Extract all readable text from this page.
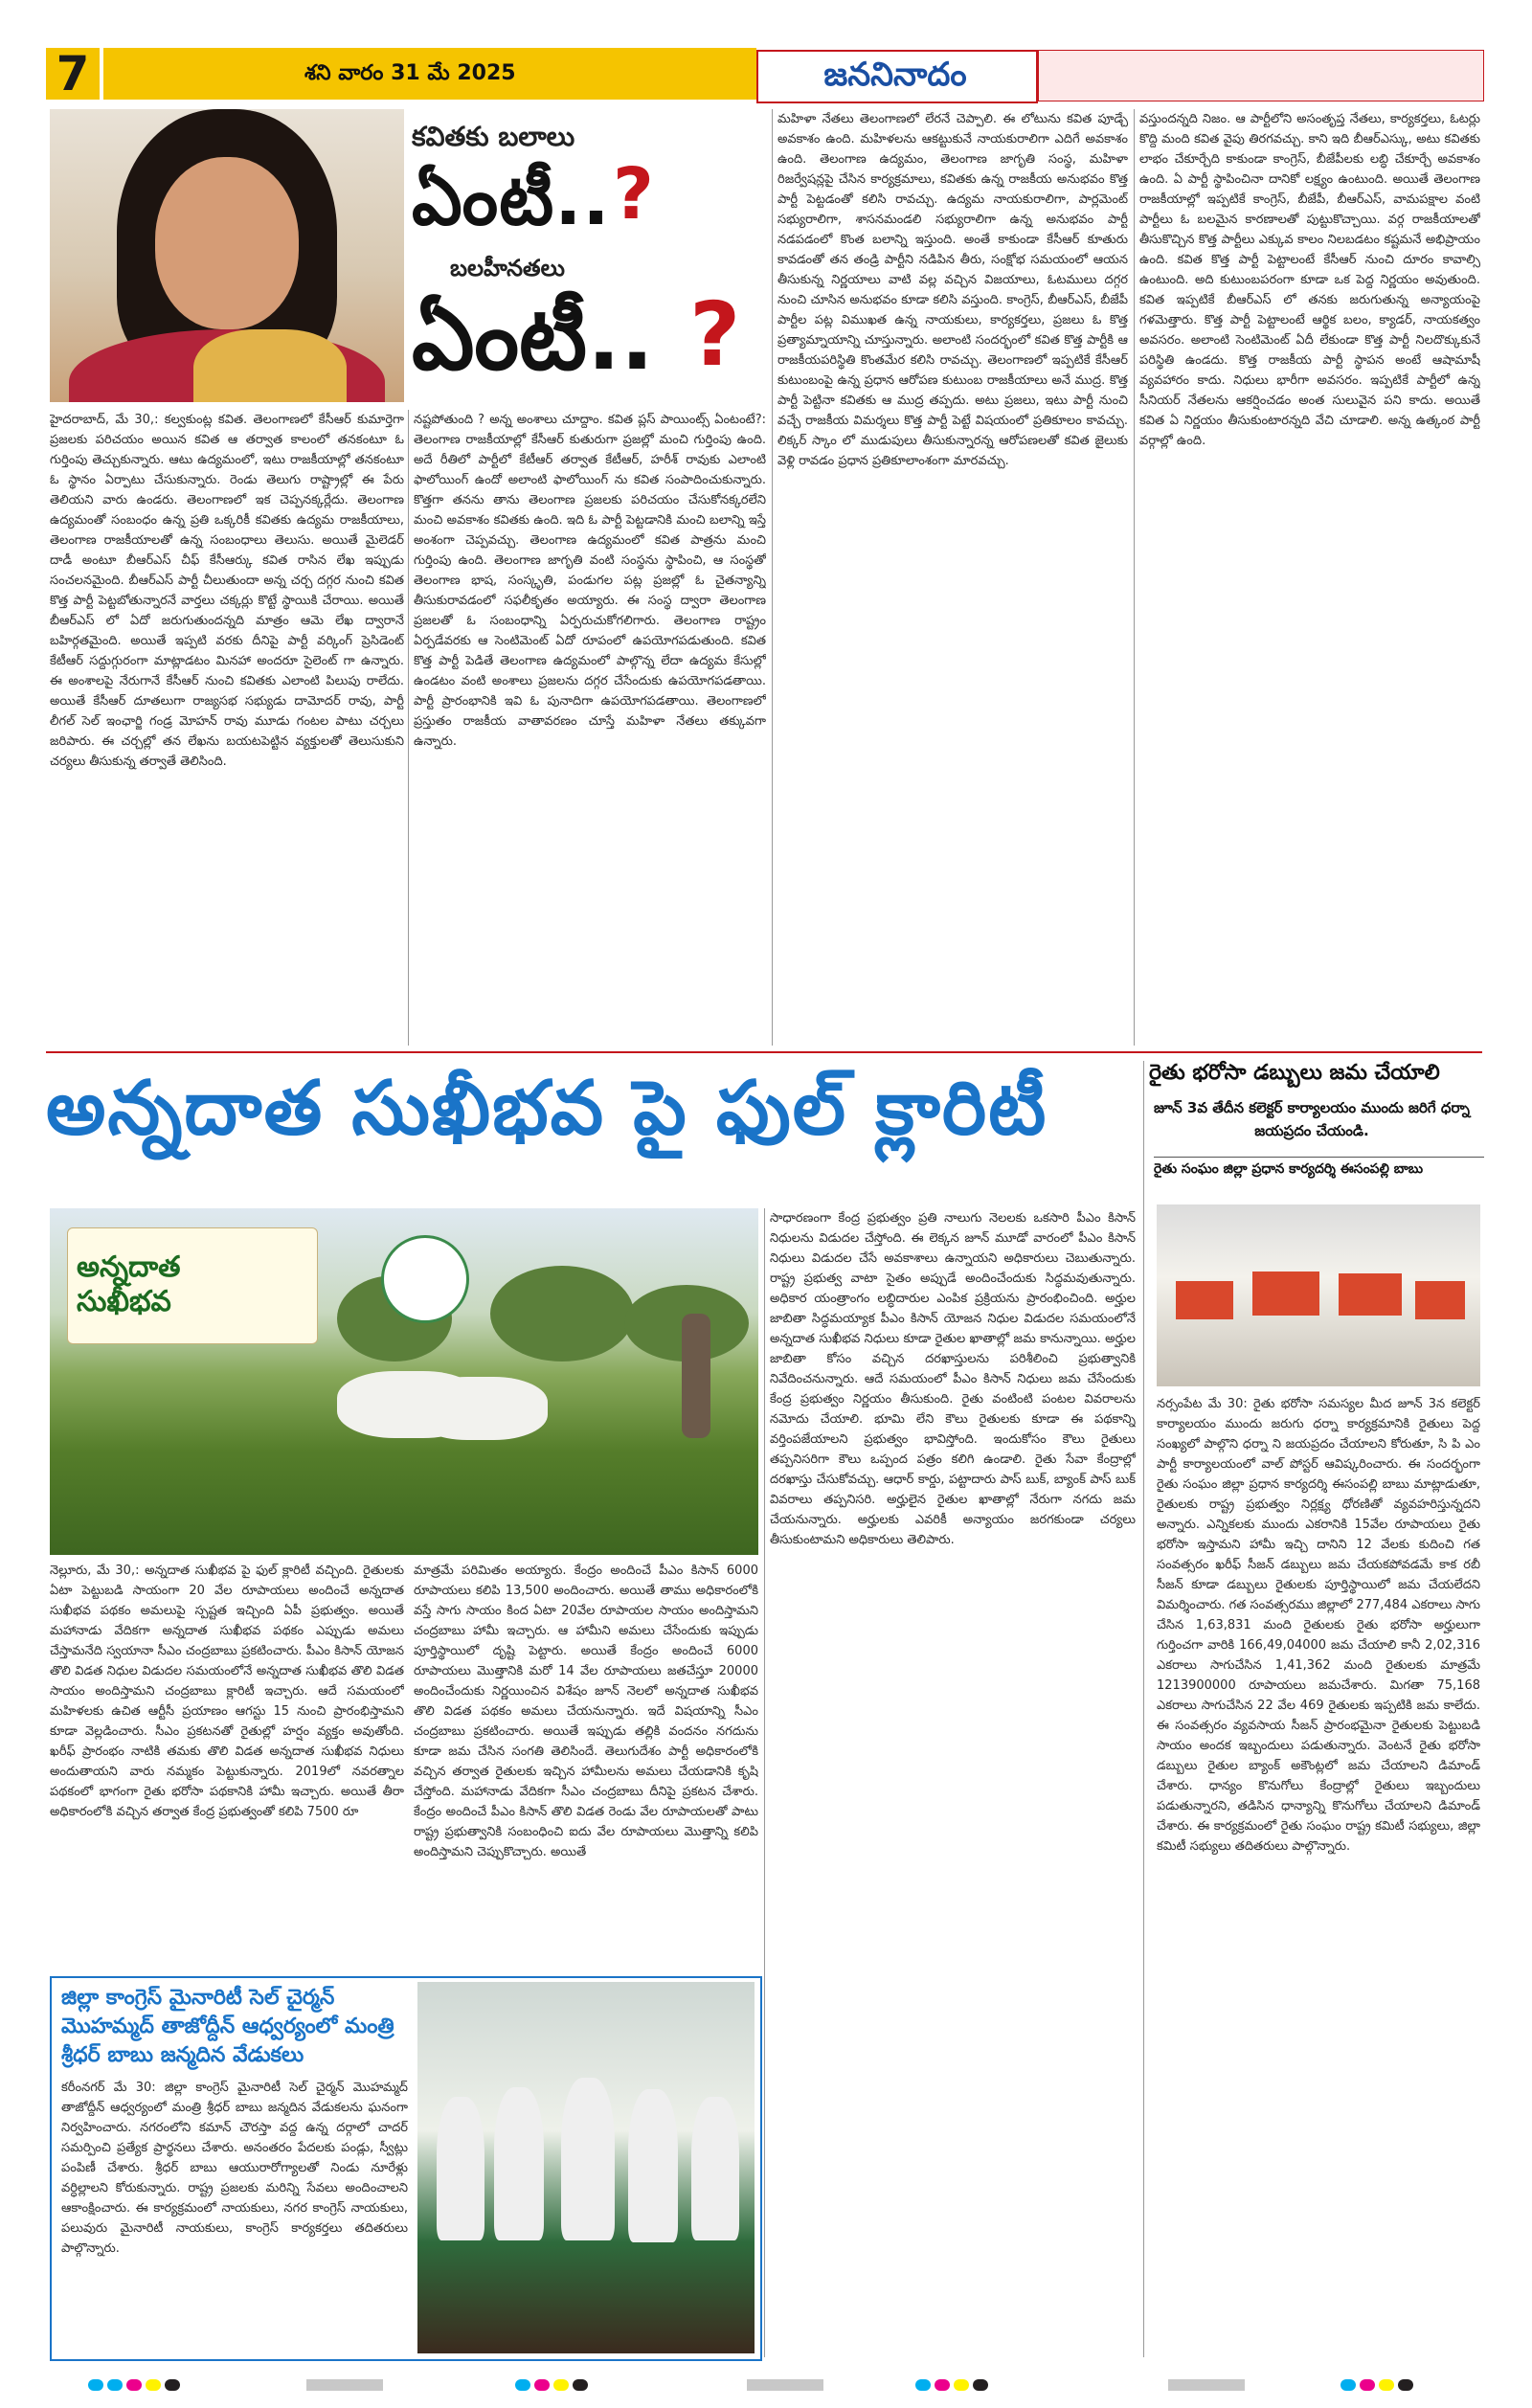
7	శని వారం 31 మే 2025	జననినాదం
కవితకు బలాలు
ఏంటీ.. ?
బలహీనతలు
ఏంటీ.. ?
హైదరాబాద్, మే 30,: కల్వకుంట్ల కవిత. తెలంగాణలో కేసీఆర్ కుమార్తెగా ప్రజలకు పరిచయం అయిన కవిత ఆ తర్వాత కాలంలో తనకంటూ ఓ గుర్తింపు తెచ్చుకున్నారు. ఆటు ఉద్యమంలో, ఇటు రాజకీయాల్లో తనకంటూ ఓ స్థానం ఏర్పాటు చేసుకున్నారు. రెండు తెలుగు రాష్ట్రాల్లో ఈ పేరు తెలియని వారు ఉండరు. తెలంగాణలో ఇక చెప్పనక్కర్లేదు. తెలంగాణ ఉద్యమంతో సంబంధం ఉన్న ప్రతి ఒక్కరికీ కవితకు ఉద్యమ రాజకీయాలు, తెలంగాణ రాజకీయాలతో ఉన్న సంబంధాలు తెలుసు. అయితే మైలెడర్ దాడీ అంటూ బీఆర్ఎస్ చీఫ్ కేసీఆర్కు కవిత రాసిన లేఖ ఇప్పుడు సంచలనమైంది. బీఆర్ఎస్ పార్టీ చీలుతుందా అన్న చర్చ దగ్గర నుంచి కవిత కొత్త పార్టీ పెట్టబోతున్నారనే వార్తలు చక్కర్లు కొట్టే స్థాయికి చేరాయి. అయితే బీఆర్ఎస్ లో ఏదో జరుగుతుందన్నది మాత్రం ఆమె లేఖ ద్వారానే బహిర్గతమైంది. అయితే ఇప్పటి వరకు దీనిపై పార్టీ వర్కింగ్ ప్రెసిడెంట్ కేటీఆర్ సద్దుగ్గురంగా మాట్లాడటం మినహా అందరూ సైలెంట్ గా ఉన్నారు. ఈ అంశాలపై నేరుగానే కేసీఆర్ నుంచి కవితకు ఎలాంటి పిలుపు రాలేదు. అయితే కేసీఆర్ దూతలుగా రాజ్యసభ సభ్యుడు దామోదర్ రావు, పార్టీ లీగల్ సెల్ ఇంఛార్జి గండ్ర మోహన్ రావు మూడు గంటల పాటు చర్చలు జరిపారు. ఈ చర్చల్లో తన లేఖను బయటపెట్టిన వ్యక్తులతో తెలుసుకుని చర్యలు తీసుకున్న తర్వాతే తెలిసింది.
నష్టపోతుంది ? అన్న అంశాలు చూద్దాం. కవిత ప్లస్ పాయింట్స్ ఏంటంటే?: తెలంగాణ రాజకీయాల్లో కేసీఆర్ కుతురుగా ప్రజల్లో మంచి గుర్తింపు ఉంది. అదే రీతిలో పార్టీలో కేటీఆర్ తర్వాత కేటీఆర్, హరీశ్ రావుకు ఎలాంటి ఫాలోయింగ్ ఉందో అలాంటి ఫాలోయింగ్ ను కవిత సంపాదించుకున్నారు. కొత్తగా తనను తాను తెలంగాణ ప్రజలకు పరిచయం చేసుకోనక్కరలేని మంచి అవకాశం కవితకు ఉంది. ఇది ఓ పార్టీ పెట్టడానికి మంచి బలాన్ని ఇస్తే అంశంగా చెప్పవచ్చు. తెలంగాణ ఉద్యమంలో కవిత పాత్రను మంచి గుర్తింపు ఉంది. తెలంగాణ జాగృతి వంటి సంస్థను స్థాపించి, ఆ సంస్థతో తెలంగాణ భాష, సంస్కృతి, పండుగల పట్ల ప్రజల్లో ఓ చైతన్యాన్ని తీసుకురావడంలో సఫలీకృతం అయ్యారు. ఈ సంస్థ ద్వారా తెలంగాణ ప్రజలతో ఓ సంబంధాన్ని ఏర్పరుచుకోగలిగారు. తెలంగాణ రాష్ట్రం ఏర్పడేవరకు ఆ సెంటిమెంట్ ఏదో రూపంలో ఉపయోగపడుతుంది. కవిత కొత్త పార్టీ పెడితే తెలంగాణ ఉద్యమంలో పాల్గొన్న లేదా ఉద్యమ కేసుల్లో ఉండటం వంటి అంశాలు ప్రజలను దగ్గర చేసేందుకు ఉపయోగపడతాయి. పార్టీ ప్రారంభానికి ఇవి ఓ పునాదిగా ఉపయోగపడతాయి. తెలంగాణలో ప్రస్తుతం రాజకీయ వాతావరణం చూస్తే మహిళా నేతలు తక్కువగా ఉన్నారు.
మహిళా నేతలు తెలంగాణలో లేరనే చెప్పాలి. ఈ లోటును కవిత పూడ్చే అవకాశం ఉంది. మహిళలను ఆకట్టుకునే నాయకురాలిగా ఎదిగే అవకాశం ఉంది. తెలంగాణ ఉద్యమం, తెలంగాణ జాగృతి సంస్థ, మహిళా రిజర్వేషన్లపై చేసిన కార్యక్రమాలు, కవితకు ఉన్న రాజకీయ అనుభవం కొత్త పార్టీ పెట్టడంతో కలిసి రావచ్చు. ఉద్యమ నాయకురాలిగా, పార్లమెంట్ సభ్యురాలిగా, శాసనమండలి సభ్యురాలిగా ఉన్న అనుభవం పార్టీ నడపడంలో కొంత బలాన్ని ఇస్తుంది. అంతే కాకుండా కేసీఆర్ కూతురు కావడంతో తన తండ్రి పార్టీని నడిపిన తీరు, సంక్షోభ సమయంలో ఆయన తీసుకున్న నిర్ణయాలు వాటి వల్ల వచ్చిన విజయాలు, ఓటములు దగ్గర నుంచి చూసిన అనుభవం కూడా కలిసి వస్తుంది. కాంగ్రెస్, బీఆర్ఎస్, బీజేపీ పార్టీల పట్ల విముఖత ఉన్న నాయకులు, కార్యకర్తలు, ప్రజలు ఓ కొత్త ప్రత్యామ్నాయాన్ని చూస్తున్నారు. అలాంటి సందర్భంలో కవిత కొత్త పార్టీకి ఆ రాజకీయపరిస్థితి కొంతమేర కలిసి రావచ్చు. తెలంగాణలో ఇప్పటికే కేసీఆర్ కుటుంబంపై ఉన్న ప్రధాన ఆరోపణ కుటుంబ రాజకీయాలు అనే ముద్ర. కొత్త పార్టీ పెట్టినా కవితకు ఆ ముద్ర తప్పదు. అటు ప్రజలు, ఇటు పార్టీ నుంచి వచ్చే రాజకీయ విమర్శలు కొత్త పార్టీ పెట్టే విషయంలో ప్రతికూలం కావచ్చు. లిక్కర్ స్కాం లో ముడుపులు తీసుకున్నారన్న ఆరోపణలతో కవిత జైలుకు వెళ్లి రావడం ప్రధాన ప్రతికూలాంశంగా మారవచ్చు.
వస్తుందన్నది నిజం. ఆ పార్టీలోని అసంతృప్త నేతలు, కార్యకర్తలు, ఓటర్లు కొద్ది మంది కవిత వైపు తిరగవచ్చు. కాని ఇది బీఆర్ఎస్కు, అటు కవితకు లాభం చేకూర్చేది కాకుండా కాంగ్రెస్, బీజేపీలకు లబ్ధి చేకూర్చే అవకాశం ఉంది. ఏ పార్టీ స్థాపించినా దానికో లక్ష్యం ఉంటుంది. అయితే తెలంగాణ రాజకీయాల్లో ఇప్పటికే కాంగ్రెస్, బీజేపీ, బీఆర్ఎస్, వామపక్షాల వంటి పార్టీలు ఓ బలమైన కారణాలతో పుట్టుకొచ్చాయి. వర్గ రాజకీయాలతో తీసుకొచ్చిన కొత్త పార్టీలు ఎక్కువ కాలం నిలబడటం కష్టమనే అభిప్రాయం ఉంది. కవిత కొత్త పార్టీ పెట్టాలంటే కేసీఆర్ నుంచి దూరం కావాల్సి ఉంటుంది. అది కుటుంబపరంగా కూడా ఒక పెద్ద నిర్ణయం అవుతుంది. కవిత ఇప్పటికే బీఆర్ఎస్ లో తనకు జరుగుతున్న అన్యాయంపై గళమెత్తారు. కొత్త పార్టీ పెట్టాలంటే ఆర్థిక బలం, క్యాడర్, నాయకత్వం అవసరం. అలాంటి సెంటిమెంట్ ఏదీ లేకుండా కొత్త పార్టీ నిలదొక్కుకునే పరిస్థితి ఉండదు. కొత్త రాజకీయ పార్టీ స్థాపన అంటే ఆషామాషీ వ్యవహారం కాదు. నిధులు భారీగా అవసరం. ఇప్పటికే పార్టీలో ఉన్న సీనియర్ నేతలను ఆకర్షించడం అంత సులువైన పని కాదు. అయితే కవిత ఏ నిర్ణయం తీసుకుంటారన్నది వేచి చూడాలి. అన్న ఉత్కంఠ పార్టీ వర్గాల్లో ఉంది.
అన్నదాత సుఖీభవ పై ఫుల్ క్లారిటీ
అన్నదాత
సుఖీభవ
నెల్లూరు, మే 30,: అన్నదాత సుఖీభవ పై ఫుల్ క్లారిటీ వచ్చింది. రైతులకు ఏటా పెట్టుబడి సాయంగా 20 వేల రూపాయలు అందించే అన్నదాత సుఖీభవ పథకం అమలుపై స్పష్టత ఇచ్చింది ఏపీ ప్రభుత్వం. అయితే మహానాడు వేదికగా అన్నదాత సుఖీభవ పథకం ఎప్పుడు అమలు చేస్తామనేది స్వయానా సీఎం చంద్రబాబు ప్రకటించారు. పీఎం కిసాన్ యోజన తొలి విడత నిధుల విడుదల సమయంలోనే అన్నదాత సుఖీభవ తొలి విడత సాయం అందిస్తామని చంద్రబాబు క్లారిటీ ఇచ్చారు. ఆదే సమయంలో మహిళలకు ఉచిత ఆర్టీసీ ప్రయాణం ఆగస్టు 15 నుంచి ప్రారంభిస్తామని కూడా వెల్లడించారు. సీఎం ప్రకటనతో రైతుల్లో హర్షం వ్యక్తం అవుతోంది. ఖరీఫ్ ప్రారంభం నాటికి తమకు తొలి విడత అన్నదాత సుఖీభవ నిధులు అందుతాయని వారు నమ్మకం పెట్టుకున్నారు. 2019లో నవరత్నాల పథకంలో భాగంగా రైతు భరోసా పథకానికి హామీ ఇచ్చారు. అయితే తీరా అధికారంలోకి వచ్చిన తర్వాత కేంద్ర ప్రభుత్వంతో కలిపి 7500 రూ
మాత్రమే పరిమితం అయ్యారు. కేంద్రం అందించే పీఎం కిసాన్ 6000 రూపాయలు కలిపి 13,500 అందించారు. అయితే తాము అధికారంలోకి వస్తే సాగు సాయం కింద ఏటా 20వేల రూపాయల సాయం అందిస్తామని చంద్రబాబు హామీ ఇచ్చారు. ఆ హామీని అమలు చేసేందుకు ఇప్పుడు పూర్తిస్థాయిలో దృష్టి పెట్టారు. అయితే కేంద్రం అందించే 6000 రూపాయలు మొత్తానికి మరో 14 వేల రూపాయలు జతచేస్తూ 20000 అందించేందుకు నిర్ణయించిన విశేషం జూన్ నెలలో అన్నదాత సుఖీభవ తొలి విడత పథకం అమలు చేయనున్నారు. ఇదే విషయాన్ని సీఎం చంద్రబాబు ప్రకటించారు. అయితే ఇప్పుడు తల్లికి వందనం నగదును కూడా జమ చేసిన సంగతి తెలిసిందే. తెలుగుదేశం పార్టీ అధికారంలోకి వచ్చిన తర్వాత రైతులకు ఇచ్చిన హామీలను అమలు చేయడానికి కృషి చేస్తోంది. మహానాడు వేదికగా సీఎం చంద్రబాబు దీనిపై ప్రకటన చేశారు. కేంద్రం అందించే పీఎం కిసాన్ తొలి విడత రెండు వేల రూపాయలతో పాటు రాష్ట్ర ప్రభుత్వానికి సంబంధించి ఐదు వేల రూపాయలు మొత్తాన్ని కలిపి అందిస్తామని చెప్పుకొచ్చారు. అయితే
సాధారణంగా కేంద్ర ప్రభుత్వం ప్రతి నాలుగు నెలలకు ఒకసారి పీఎం కిసాన్ నిధులను విడుదల చేస్తోంది. ఈ లెక్కన జూన్ మూడో వారంలో పీఎం కిసాన్ నిధులు విడుదల చేసే అవకాశాలు ఉన్నాయని అధికారులు చెబుతున్నారు. రాష్ట్ర ప్రభుత్వ వాటా సైతం అప్పుడే అందించేందుకు సిద్ధమవుతున్నారు. అధికార యంత్రాంగం లబ్ధిదారుల ఎంపిక ప్రక్రియను ప్రారంభించింది. అర్హుల జాబితా సిద్ధమయ్యాక పీఎం కిసాన్ యోజన నిధుల విడుదల సమయంలోనే అన్నదాత సుఖీభవ నిధులు కూడా రైతుల ఖాతాల్లో జమ కానున్నాయి. అర్హుల జాబితా కోసం వచ్చిన దరఖాస్తులను పరిశీలించి ప్రభుత్వానికి నివేదించనున్నారు. ఆదే సమయంలో పీఎం కిసాన్ నిధులు జమ చేసేందుకు కేంద్ర ప్రభుత్వం నిర్ణయం తీసుకుంది. రైతు వంటింటి పంటల వివరాలను నమోదు చేయాలి. భూమి లేని కౌలు రైతులకు కూడా ఈ పథకాన్ని వర్తింపజేయాలని ప్రభుత్వం భావిస్తోంది. ఇందుకోసం కౌలు రైతులు తప్పనిసరిగా కౌలు ఒప్పంద పత్రం కలిగి ఉండాలి. రైతు సేవా కేంద్రాల్లో దరఖాస్తు చేసుకోవచ్చు. ఆధార్ కార్డు, పట్టాదారు పాస్ బుక్, బ్యాంక్ పాస్ బుక్ వివరాలు తప్పనిసరి. అర్హులైన రైతుల ఖాతాల్లో నేరుగా నగదు జమ చేయనున్నారు. అర్హులకు ఎవరికీ అన్యాయం జరగకుండా చర్యలు తీసుకుంటామని అధికారులు తెలిపారు.
రైతు భరోసా డబ్బులు జమ చేయాలి
జూన్ 3వ తేదీన కలెక్టర్ కార్యాలయం ముందు జరిగే ధర్నా జయప్రదం చేయండి.
రైతు సంఘం జిల్లా ప్రధాన కార్యదర్శి ఈసంపల్లి బాబు
నర్సంపేట మే 30: రైతు భరోసా సమస్యల మీద జూన్ 3న కలెక్టర్ కార్యాలయం ముందు జరుగు ధర్నా కార్యక్రమానికి రైతులు పెద్ద సంఖ్యలో పాల్గొని ధర్నా ని జయప్రదం చేయాలని కోరుతూ, సి పి ఎం పార్టీ కార్యాలయంలో వాల్ పోస్టర్ ఆవిష్కరించారు. ఈ సందర్భంగా రైతు సంఘం జిల్లా ప్రధాన కార్యదర్శి ఈసంపల్లి బాబు మాట్లాడుతూ, రైతులకు రాష్ట్ర ప్రభుత్వం నిర్లక్ష్య ధోరణితో వ్యవహరిస్తున్నదని అన్నారు. ఎన్నికలకు ముందు ఎకరానికి 15వేల రూపాయలు రైతు భరోసా ఇస్తామని హామీ ఇచ్చి దానిని 12 వేలకు కుదించి గత సంవత్సరం ఖరీఫ్ సీజన్ డబ్బులు జమ చేయకపోవడమే కాక రబీ సీజన్ కూడా డబ్బులు రైతులకు పూర్తిస్థాయిలో జమ చేయలేదని విమర్శించారు. గత సంవత్సరము జిల్లాలో 277,484 ఎకరాలు సాగు చేసిన 1,63,831 మంది రైతులకు రైతు భరోసా అర్హులుగా గుర్తించగా వారికి 166,49,04000 జమ చేయాలి కానీ 2,02,316 ఎకరాలు సాగుచేసిన 1,41,362 మంది రైతులకు మాత్రమే 1213900000 రూపాయలు జమచేశారు. మిగతా 75,168 ఎకరాలు సాగుచేసిన 22 వేల 469 రైతులకు ఇప్పటికి జమ కాలేదు. ఈ సంవత్సరం వ్యవసాయ సీజన్ ప్రారంభమైనా రైతులకు పెట్టుబడి సాయం అందక ఇబ్బందులు పడుతున్నారు. వెంటనే రైతు భరోసా డబ్బులు రైతుల బ్యాంక్ అకౌంట్లలో జమ చేయాలని డిమాండ్ చేశారు. ధాన్యం కొనుగోలు కేంద్రాల్లో రైతులు ఇబ్బందులు పడుతున్నారని, తడిసిన ధాన్యాన్ని కొనుగోలు చేయాలని డిమాండ్ చేశారు. ఈ కార్యక్రమంలో రైతు సంఘం రాష్ట్ర కమిటీ సభ్యులు, జిల్లా కమిటీ సభ్యులు తదితరులు పాల్గొన్నారు.
జిల్లా కాంగ్రెస్ మైనారిటీ సెల్ చైర్మన్ మొహమ్మద్ తాజోద్దీన్ ఆధ్వర్యంలో మంత్రి శ్రీధర్ బాబు జన్మదిన వేడుకలు
కరీంనగర్ మే 30: జిల్లా కాంగ్రెస్ మైనారిటీ సెల్ చైర్మన్ మొహమ్మద్ తాజోద్దీన్ ఆధ్వర్యంలో మంత్రి శ్రీధర్ బాబు జన్మదిన వేడుకలను ఘనంగా నిర్వహించారు. నగరంలోని కమాన్ చౌరస్తా వద్ద ఉన్న దర్గాలో చాదర్ సమర్పించి ప్రత్యేక ప్రార్థనలు చేశారు. అనంతరం పేదలకు పండ్లు, స్వీట్లు పంపిణీ చేశారు. శ్రీధర్ బాబు ఆయురారోగ్యాలతో నిండు నూరేళ్లు వర్ధిల్లాలని కోరుకున్నారు. రాష్ట్ర ప్రజలకు మరిన్ని సేవలు అందించాలని ఆకాంక్షించారు. ఈ కార్యక్రమంలో నాయకులు, నగర కాంగ్రెస్ నాయకులు, పలువురు మైనారిటీ నాయకులు, కాంగ్రెస్ కార్యకర్తలు తదితరులు పాల్గొన్నారు.
